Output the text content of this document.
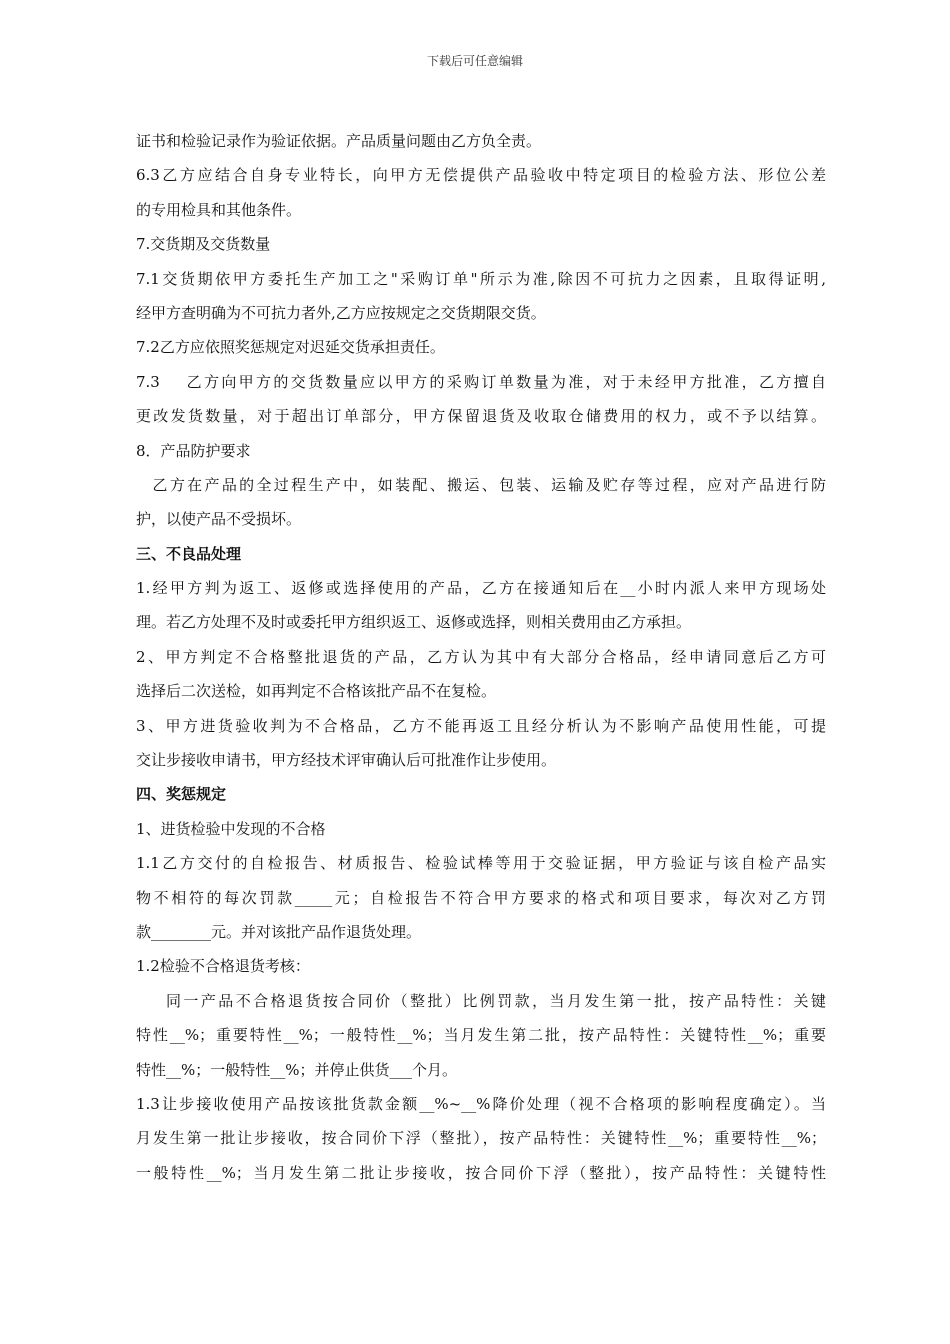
下载后可任意编辑
证书和检验记录作为验证依据。产品质量问题由乙方负全责。
6.3乙方应结合自身专业特长，向甲方无偿提供产品验收中特定项目的检验方法、形位公差
的专用检具和其他条件。
7.交货期及交货数量
7.1交货期依甲方委托生产加工之"采购订单"所示为准,除因不可抗力之因素，且取得证明,
经甲方查明确为不可抗力者外,乙方应按规定之交货期限交货。
7.2乙方应依照奖惩规定对迟延交货承担责任。
7.3　 乙方向甲方的交货数量应以甲方的采购订单数量为准，对于未经甲方批准，乙方擅自
更改发货数量，对于超出订单部分，甲方保留退货及收取仓储费用的权力，或不予以结算。
8．产品防护要求
乙方在产品的全过程生产中，如装配、搬运、包装、运输及贮存等过程，应对产品进行防
护，以使产品不受损坏。
三、不良品处理
1.经甲方判为返工、返修或选择使用的产品，乙方在接通知后在__小时内派人来甲方现场处
理。若乙方处理不及时或委托甲方组织返工、返修或选择，则相关费用由乙方承担。
2、甲方判定不合格整批退货的产品，乙方认为其中有大部分合格品，经申请同意后乙方可
选择后二次送检，如再判定不合格该批产品不在复检。
3、甲方进货验收判为不合格品，乙方不能再返工且经分析认为不影响产品使用性能，可提
交让步接收申请书，甲方经技术评审确认后可批准作让步使用。
四、奖惩规定
1、进货检验中发现的不合格
1.1乙方交付的自检报告、材质报告、检验试棒等用于交验证据，甲方验证与该自检产品实
物不相符的每次罚款_____元；自检报告不符合甲方要求的格式和项目要求，每次对乙方罚
款________元。并对该批产品作退货处理。
1.2检验不合格退货考核：
同一产品不合格退货按合同价（整批）比例罚款，当月发生第一批，按产品特性：关键
特性__%；重要特性__%；一般特性__%；当月发生第二批，按产品特性：关键特性__%；重要
特性__%；一般特性__%；并停止供货___个月。
1.3让步接收使用产品按该批货款金额__%~__%降价处理（视不合格项的影响程度确定）。当
月发生第一批让步接收，按合同价下浮（整批），按产品特性：关键特性__%；重要特性__%；
一般特性__%；当月发生第二批让步接收，按合同价下浮（整批），按产品特性：关键特性
